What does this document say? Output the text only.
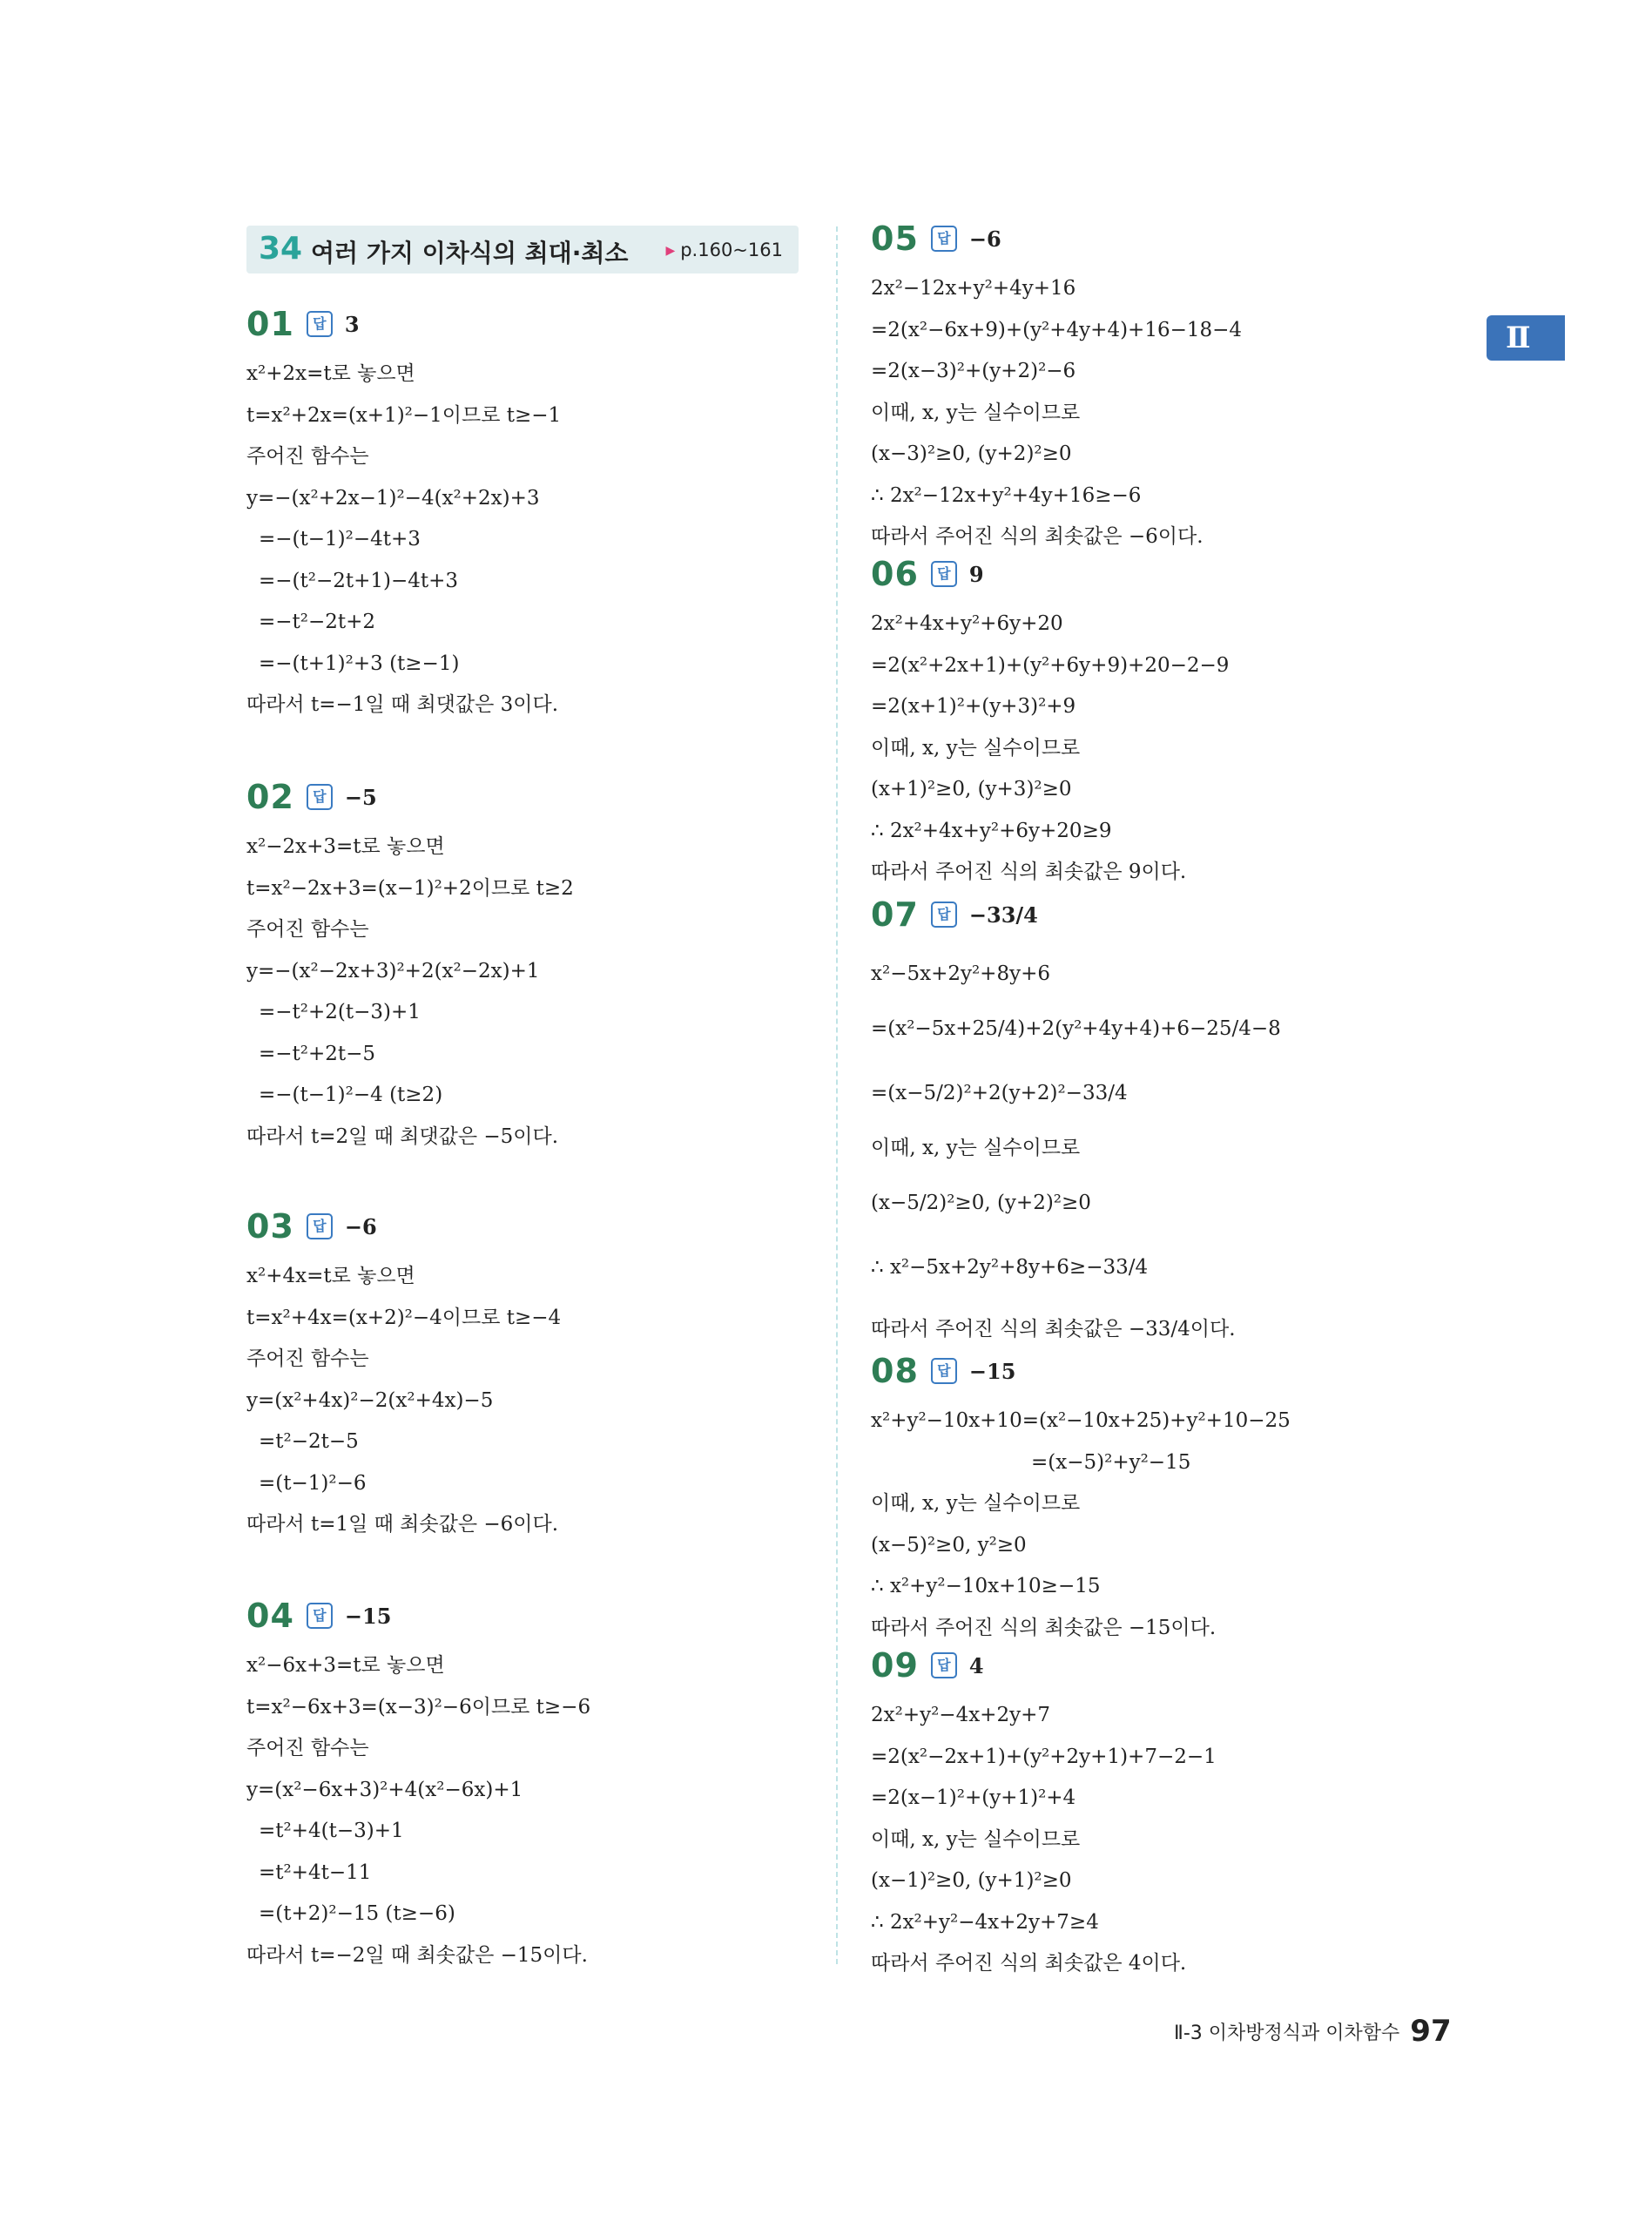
34 여러 가지 이차식의 최대·최소	▶ p.160~161
Ⅱ
01 답 3
x²+2x=t로 놓으면
t=x²+2x=(x+1)²−1이므로 t≥−1
주어진 함수는
y=−(x²+2x−1)²−4(x²+2x)+3
=−(t−1)²−4t+3
=−(t²−2t+1)−4t+3
=−t²−2t+2
=−(t+1)²+3 (t≥−1)
따라서 t=−1일 때 최댓값은 3이다.
02 답 −5
x²−2x+3=t로 놓으면
t=x²−2x+3=(x−1)²+2이므로 t≥2
주어진 함수는
y=−(x²−2x+3)²+2(x²−2x)+1
=−t²+2(t−3)+1
=−t²+2t−5
=−(t−1)²−4 (t≥2)
따라서 t=2일 때 최댓값은 −5이다.
03 답 −6
x²+4x=t로 놓으면
t=x²+4x=(x+2)²−4이므로 t≥−4
주어진 함수는
y=(x²+4x)²−2(x²+4x)−5
=t²−2t−5
=(t−1)²−6
따라서 t=1일 때 최솟값은 −6이다.
04 답 −15
x²−6x+3=t로 놓으면
t=x²−6x+3=(x−3)²−6이므로 t≥−6
주어진 함수는
y=(x²−6x+3)²+4(x²−6x)+1
=t²+4(t−3)+1
=t²+4t−11
=(t+2)²−15 (t≥−6)
따라서 t=−2일 때 최솟값은 −15이다.
05 답 −6
2x²−12x+y²+4y+16
=2(x²−6x+9)+(y²+4y+4)+16−18−4
=2(x−3)²+(y+2)²−6
이때, x, y는 실수이므로
(x−3)²≥0, (y+2)²≥0
∴ 2x²−12x+y²+4y+16≥−6
따라서 주어진 식의 최솟값은 −6이다.
06 답 9
2x²+4x+y²+6y+20
=2(x²+2x+1)+(y²+6y+9)+20−2−9
=2(x+1)²+(y+3)²+9
이때, x, y는 실수이므로
(x+1)²≥0, (y+3)²≥0
∴ 2x²+4x+y²+6y+20≥9
따라서 주어진 식의 최솟값은 9이다.
07 답 −33/4
x²−5x+2y²+8y+6
=(x²−5x+25/4)+2(y²+4y+4)+6−25/4−8
=(x−5/2)²+2(y+2)²−33/4
이때, x, y는 실수이므로
(x−5/2)²≥0, (y+2)²≥0
∴ x²−5x+2y²+8y+6≥−33/4
따라서 주어진 식의 최솟값은 −33/4이다.
08 답 −15
x²+y²−10x+10=(x²−10x+25)+y²+10−25
=(x−5)²+y²−15
이때, x, y는 실수이므로
(x−5)²≥0, y²≥0
∴ x²+y²−10x+10≥−15
따라서 주어진 식의 최솟값은 −15이다.
09 답 4
2x²+y²−4x+2y+7
=2(x²−2x+1)+(y²+2y+1)+7−2−1
=2(x−1)²+(y+1)²+4
이때, x, y는 실수이므로
(x−1)²≥0, (y+1)²≥0
∴ 2x²+y²−4x+2y+7≥4
따라서 주어진 식의 최솟값은 4이다.
Ⅱ-3 이차방정식과 이차함수 97
